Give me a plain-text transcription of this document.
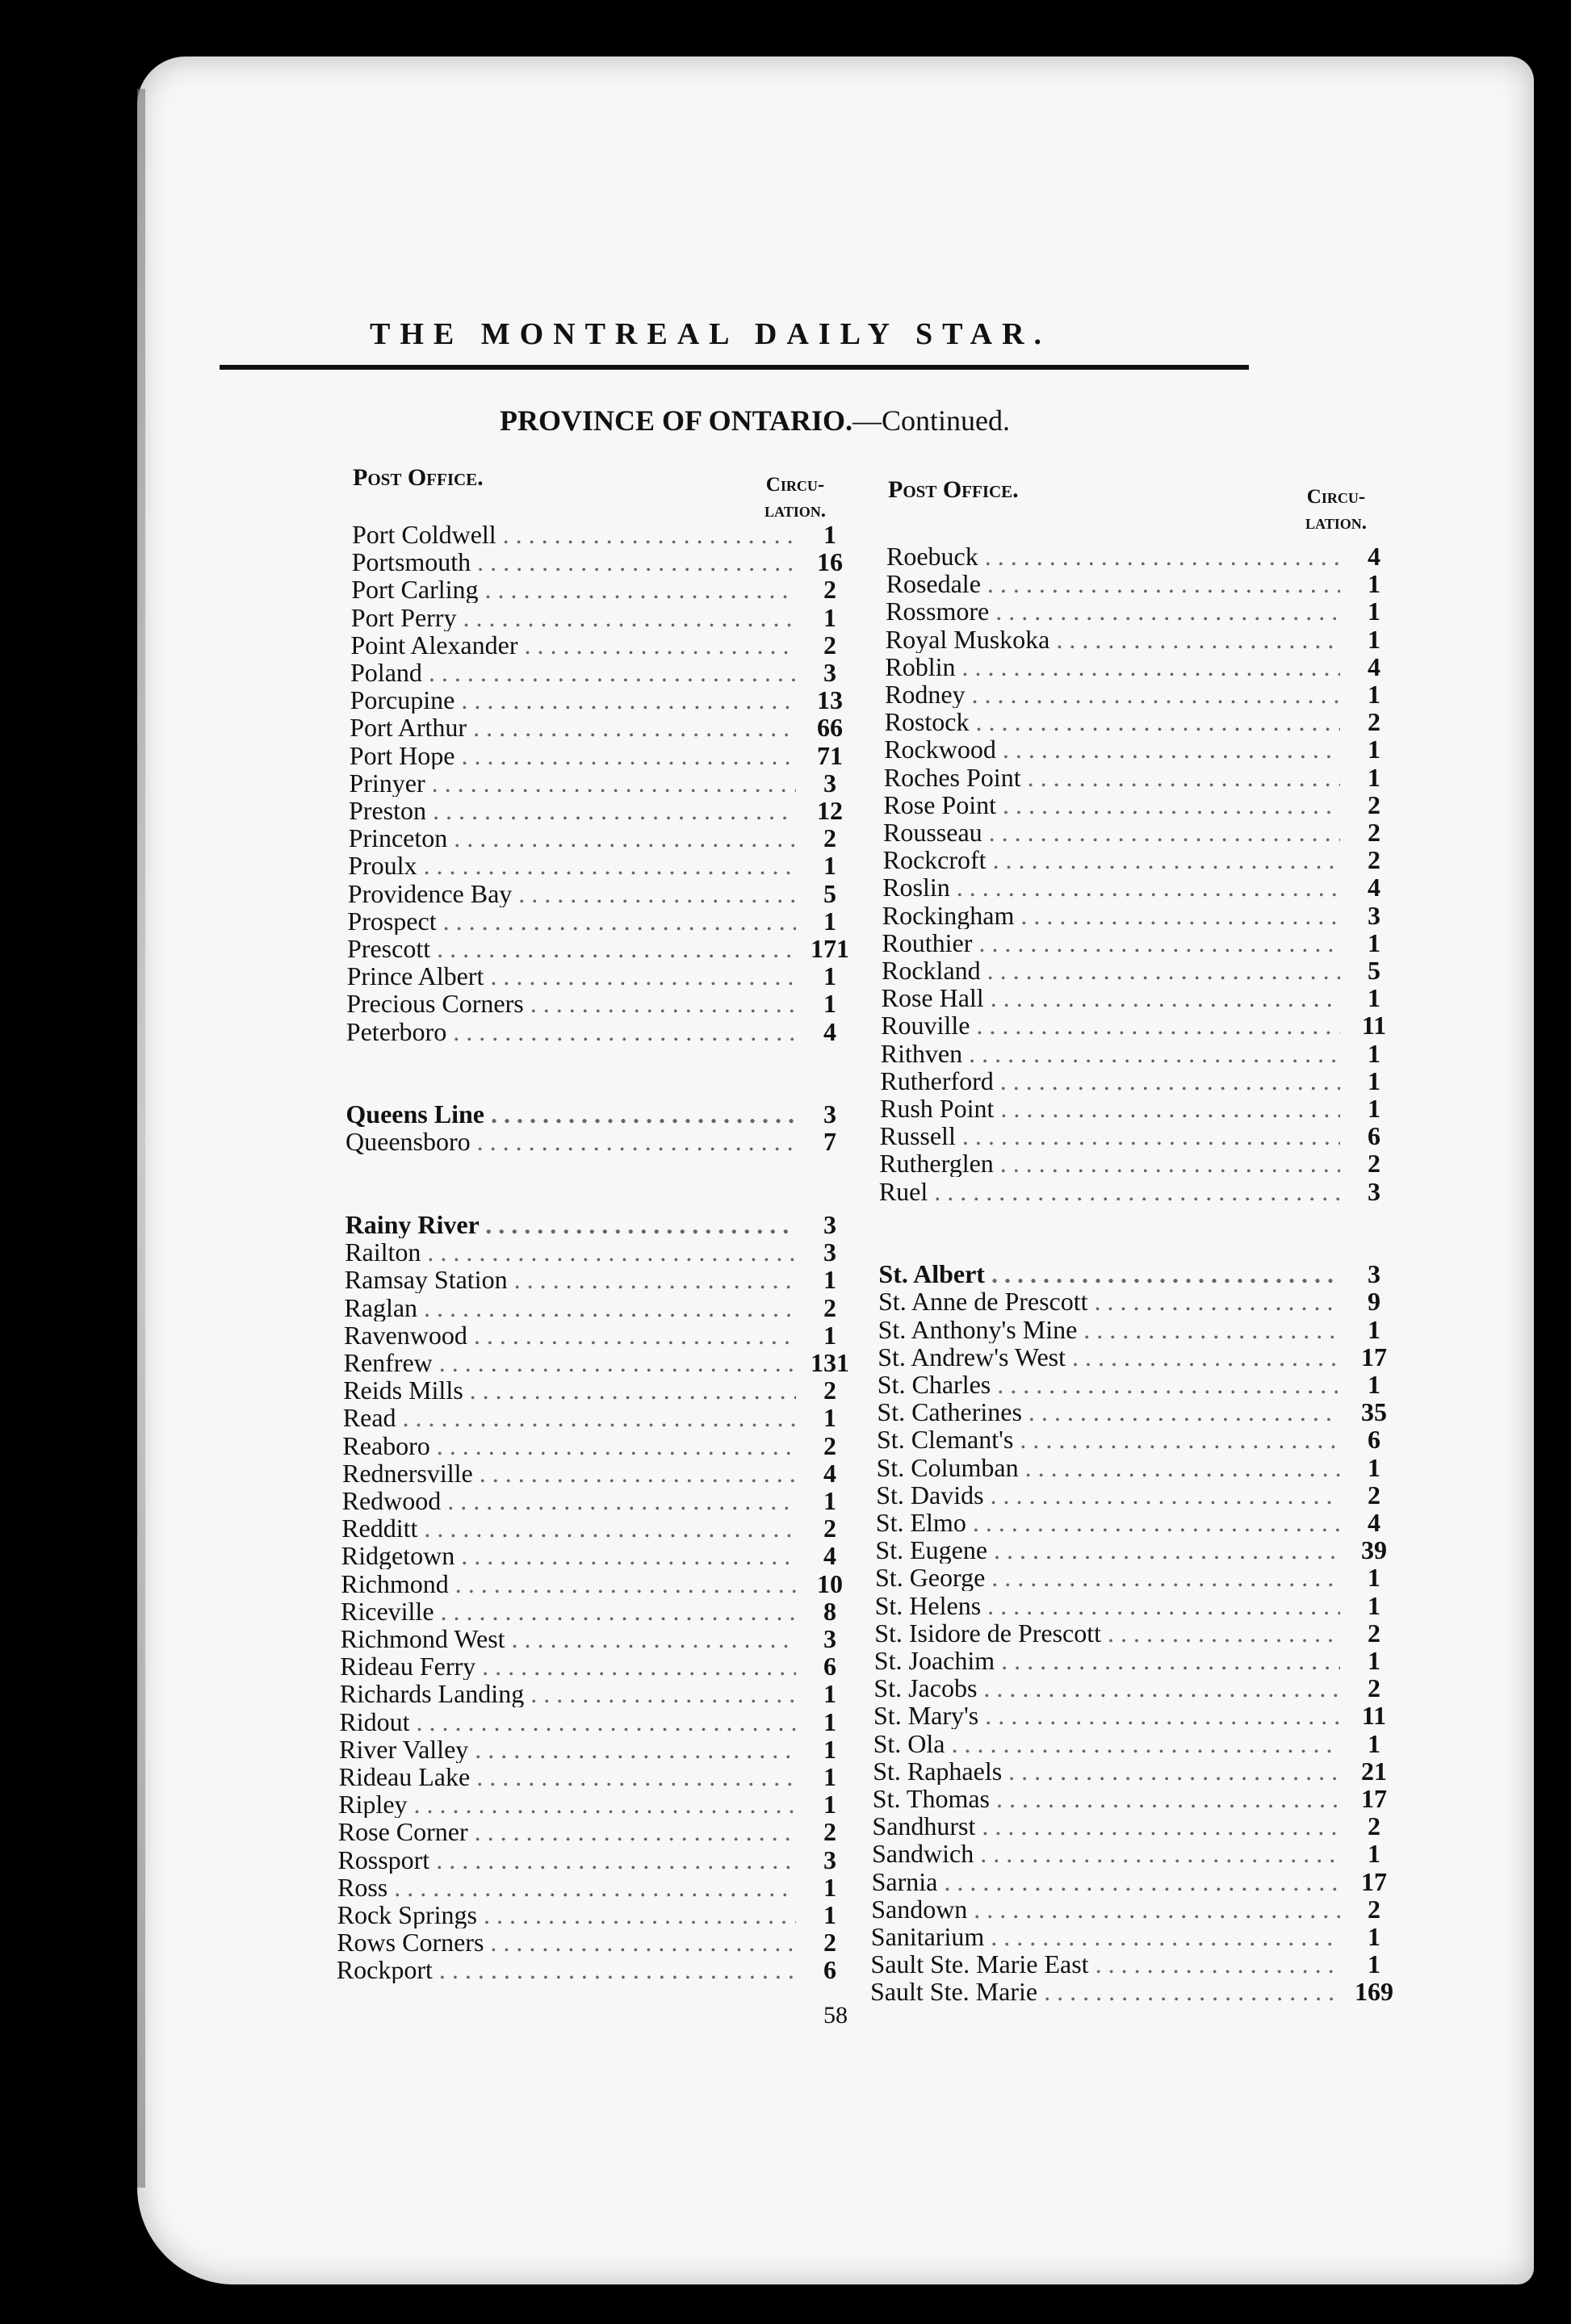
THE MONTREAL DAILY STAR.
PROVINCE OF ONTARIO.—Continued.
Post Office.	Circu-
lation.
Post Office.	Circu-
lation.
Port Coldwell . . .	1
Portsmouth . . .	16
Port Carling . . .	2
Port Perry . . .	1
Point Alexander . . .	2
Poland . . .	3
Porcupine . . .	13
Port Arthur . . .	66
Port Hope . . .	71
Prinyer . . .	3
Preston . . .	12
Princeton . . .	2
Proulx . . .	1
Providence Bay . . .	5
Prospect . . .	1
Prescott . . .	171
Prince Albert . . .	1
Precious Corners . . .	1
Peterboro . . .	4
Queens Line . . .	3
Queensboro . . .	7
Rainy River . . .	3
Railton . . .	3
Ramsay Station . . .	1
Raglan . . .	2
Ravenwood . . .	1
Renfrew . . .	131
Reids Mills . . .	2
Read . . .	1
Reaboro . . .	2
Rednersville . . .	4
Redwood . . .	1
Redditt . . .	2
Ridgetown . . .	4
Richmond . . .	10
Riceville . . .	8
Richmond West . . .	3
Rideau Ferry . . .	6
Richards Landing . . .	1
Ridout . . .	1
River Valley . . .	1
Rideau Lake . . .	1
Ripley . . .	1
Rose Corner . . .	2
Rossport . . .	3
Ross . . .	1
Rock Springs . . .	1
Rows Corners . . .	2
Rockport . . .	6
Roebuck . . .	4
Rosedale . . .	1
Rossmore . . .	1
Royal Muskoka . . .	1
Roblin . . .	4
Rodney . . .	1
Rostock . . .	2
Rockwood . . .	1
Roches Point . . .	1
Rose Point . . .	2
Rousseau . . .	2
Rockcroft . . .	2
Roslin . . .	4
Rockingham . . .	3
Routhier . . .	1
Rockland . . .	5
Rose Hall . . .	1
Rouville . . .	11
Rithven . . .	1
Rutherford . . .	1
Rush Point . . .	1
Russell . . .	6
Rutherglen . . .	2
Ruel . . .	3
St. Albert . . .	3
St. Anne de Prescott . . .	9
St. Anthony's Mine . . .	1
St. Andrew's West . . .	17
St. Charles . . .	1
St. Catherines . . .	35
St. Clemant's . . .	6
St. Columban . . .	1
St. Davids . . .	2
St. Elmo . . .	4
St. Eugene . . .	39
St. George . . .	1
St. Helens . . .	1
St. Isidore de Prescott . . .	2
St. Joachim . . .	1
St. Jacobs . . .	2
St. Mary's . . .	11
St. Ola . . .	1
St. Raphaels . . .	21
St. Thomas . . .	17
Sandhurst . . .	2
Sandwich . . .	1
Sarnia . . .	17
Sandown . . .	2
Sanitarium . . .	1
Sault Ste. Marie East . . .	1
Sault Ste. Marie . . .	169
58
